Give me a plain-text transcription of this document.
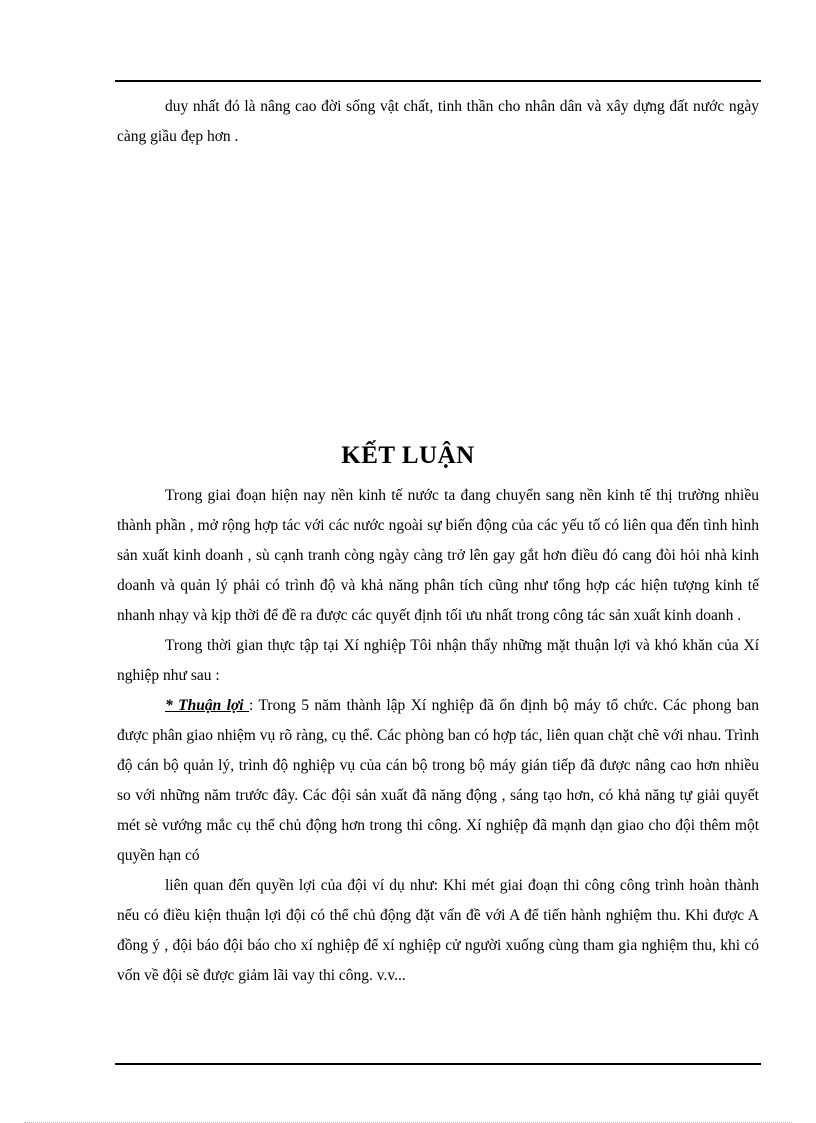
duy nhất đó là nâng cao đời sống vật chất, tinh thần cho nhân dân và xây dựng đất nước ngày càng giầu đẹp hơn .

KẾT LUẬN

Trong giai đoạn hiện nay nền kinh tế nước ta đang chuyển sang nền kinh tế thị trường nhiều thành phần , mở rộng hợp tác với các nước ngoài sự biến động của các yếu tố có liên qua đến tình hình sản xuất kinh doanh , sù cạnh tranh còng ngày càng trở lên gay gắt hơn điều đó cang đòi hỏi nhà kinh doanh và quản lý phải có trình độ và khả năng phân tích cũng như tổng hợp các hiện tượng kinh tế nhanh nhạy và kịp thời để đề ra được các quyết định tối ưu nhất trong công tác sản xuất kinh doanh .

Trong thời gian thực tập tại Xí nghiệp Tôi nhận thấy những mặt thuận lợi và khó khăn của Xí nghiệp như sau :

* Thuận lợi : Trong 5 năm thành lập Xí nghiệp đã ổn định bộ máy tổ chức. Các phong ban được phân giao nhiệm vụ rõ ràng, cụ thể. Các phòng ban có hợp tác, liên quan chặt chẽ với nhau. Trình độ cán bộ quản lý, trình độ nghiệp vụ của cán bộ trong bộ máy gián tiếp đã được nâng cao hơn nhiều so với những năm trước đây. Các đội sản xuất đã năng động , sáng tạo hơn, có khả năng tự giải quyết mét sè vướng mắc cụ thể chủ động hơn trong thi công. Xí nghiệp đã mạnh dạn giao cho đội thêm một quyền hạn có

liên quan đến quyền lợi của đội ví dụ như: Khi mét giai đoạn thi công công trình hoàn thành nếu có điều kiện thuận lợi đội có thể chủ động đặt vấn đề với A để tiến hành nghiệm thu. Khi được A đồng ý , đội báo đội báo cho xí nghiệp để xí nghiệp cử người xuống cùng tham gia nghiệm thu, khi có vốn về đội sẽ được giảm lãi vay thi công. v.v...
